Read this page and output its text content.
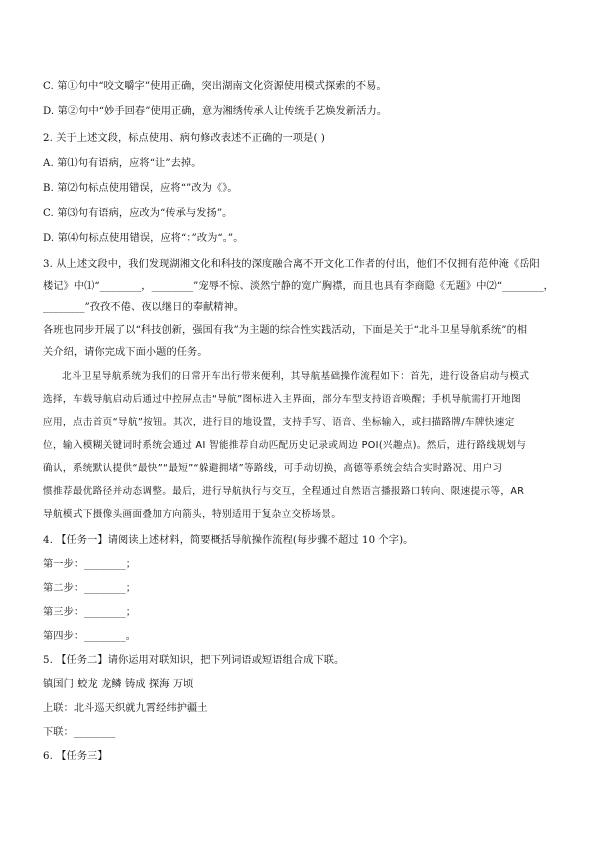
C. 第①句中“咬文嚼字”使用正确，突出湖南文化资源使用模式探索的不易。
D. 第②句中“妙手回春”使用正确，意为湘绣传承人让传统手艺焕发新活力。
2. 关于上述文段，标点使用、病句修改表述不正确的一项是( )
A. 第⑴句有语病，应将“让”去掉。
B. 第⑵句标点使用错误，应将“”改为《》。
C. 第⑶句有语病，应改为“传承与发扬”。
D. 第⑷句标点使用错误，应将“：”改为“。”。
3. 从上述文段中，我们发现湖湘文化和科技的深度融合离不开文化工作者的付出，他们不仅拥有范仲淹《岳阳
楼记》中⑴“________，________”宠辱不惊、淡然宁静的宽广胸襟，而且也具有李商隐《无题》中⑵“________，
________”孜孜不倦、夜以继日的奉献精神。
各班也同步开展了以“科技创新，强国有我”为主题的综合性实践活动，下面是关于“北斗卫星导航系统”的相
关介绍，请你完成下面小题的任务。
北斗卫星导航系统为我们的日常开车出行带来便利，其导航基础操作流程如下：首先，进行设备启动与模式
选择，车载导航启动后通过中控屏点击“导航”图标进入主界面，部分车型支持语音唤醒；手机导航需打开地图
应用，点击首页“导航”按钮。其次，进行目的地设置，支持手写、语音、坐标输入，或扫描路牌/车牌快速定
位，输入模糊关键词时系统会通过 AI 智能推荐自动匹配历史记录或周边 POI(兴趣点)。然后，进行路线规划与
确认，系统默认提供“最快”“最短”“躲避拥堵”等路线，可手动切换，高德等系统会结合实时路况、用户习
惯推荐最优路径并动态调整。最后，进行导航执行与交互，全程通过自然语言播报路口转向、限速提示等，AR
导航模式下摄像头画面叠加方向箭头，特别适用于复杂立交桥场景。
4. 【任务一】请阅读上述材料，简要概括导航操作流程(每步骤不超过 10 个字)。
第一步：________；
第二步：________；
第三步：________；
第四步：________。
5. 【任务二】请你运用对联知识，把下列词语或短语组合成下联。
镇国门 蛟龙 龙鳞 铸成 探海 万顷
上联：北斗巡天织就九霄经纬护疆土
下联：________
6. 【任务三】
